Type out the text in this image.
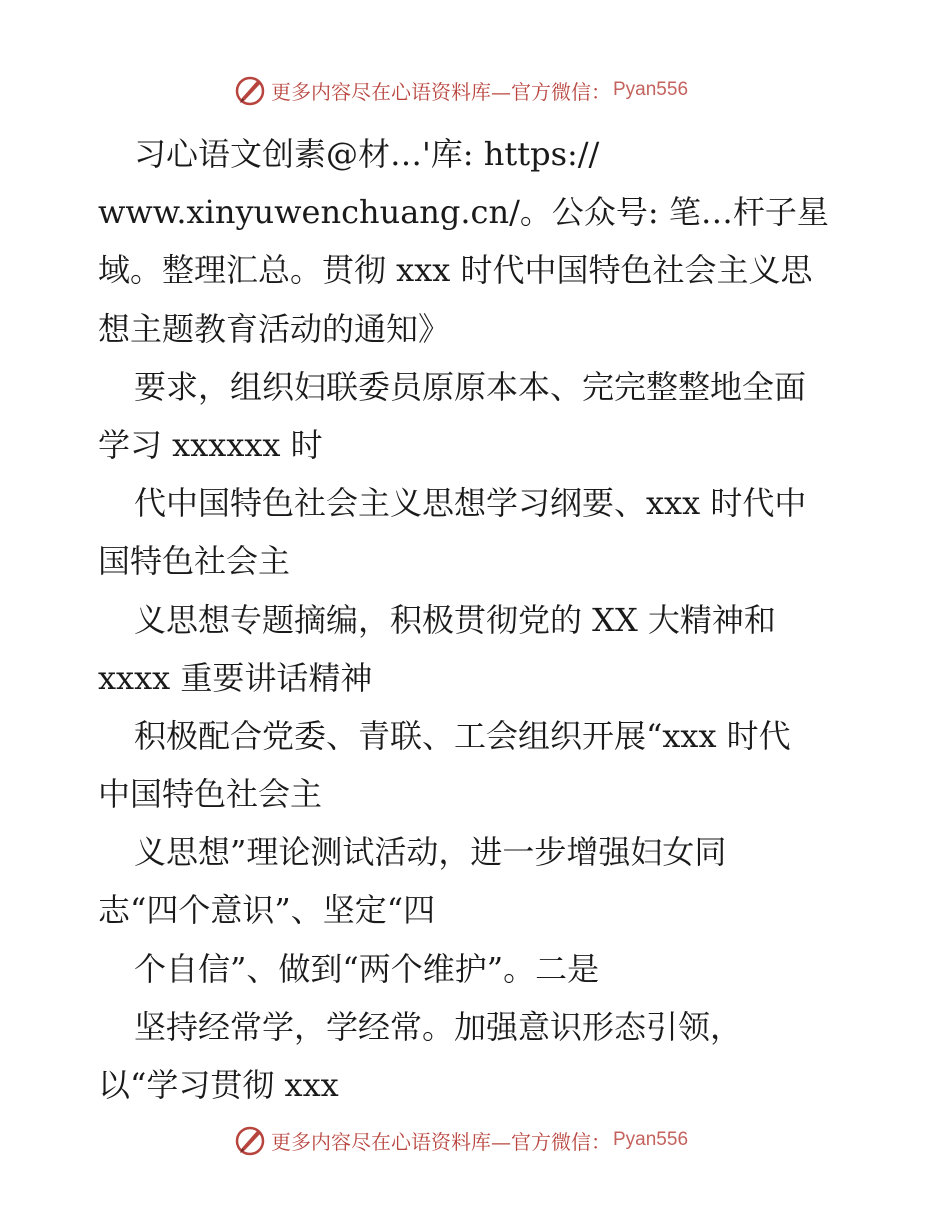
更多内容尽在心语资料库—官方微信： Pyan556
习心语文创素@材…'库: https://
www.xinyuwenchuang.cn/。公众号: 笔…杆子星
域。整理汇总。贯彻 xxx 时代中国特色社会主义思
想主题教育活动的通知》
要求，组织妇联委员原原本本、完完整整地全面
学习 xxxxxx 时
代中国特色社会主义思想学习纲要、xxx 时代中
国特色社会主
义思想专题摘编，积极贯彻党的 XX 大精神和
xxxx 重要讲话精神
积极配合党委、青联、工会组织开展“xxx 时代
中国特色社会主
义思想”理论测试活动，进一步增强妇女同
志“四个意识”、坚定“四
个自信”、做到“两个维护”。二是
坚持经常学，学经常。加强意识形态引领，
以“学习贯彻 xxx
更多内容尽在心语资料库—官方微信： Pyan556
